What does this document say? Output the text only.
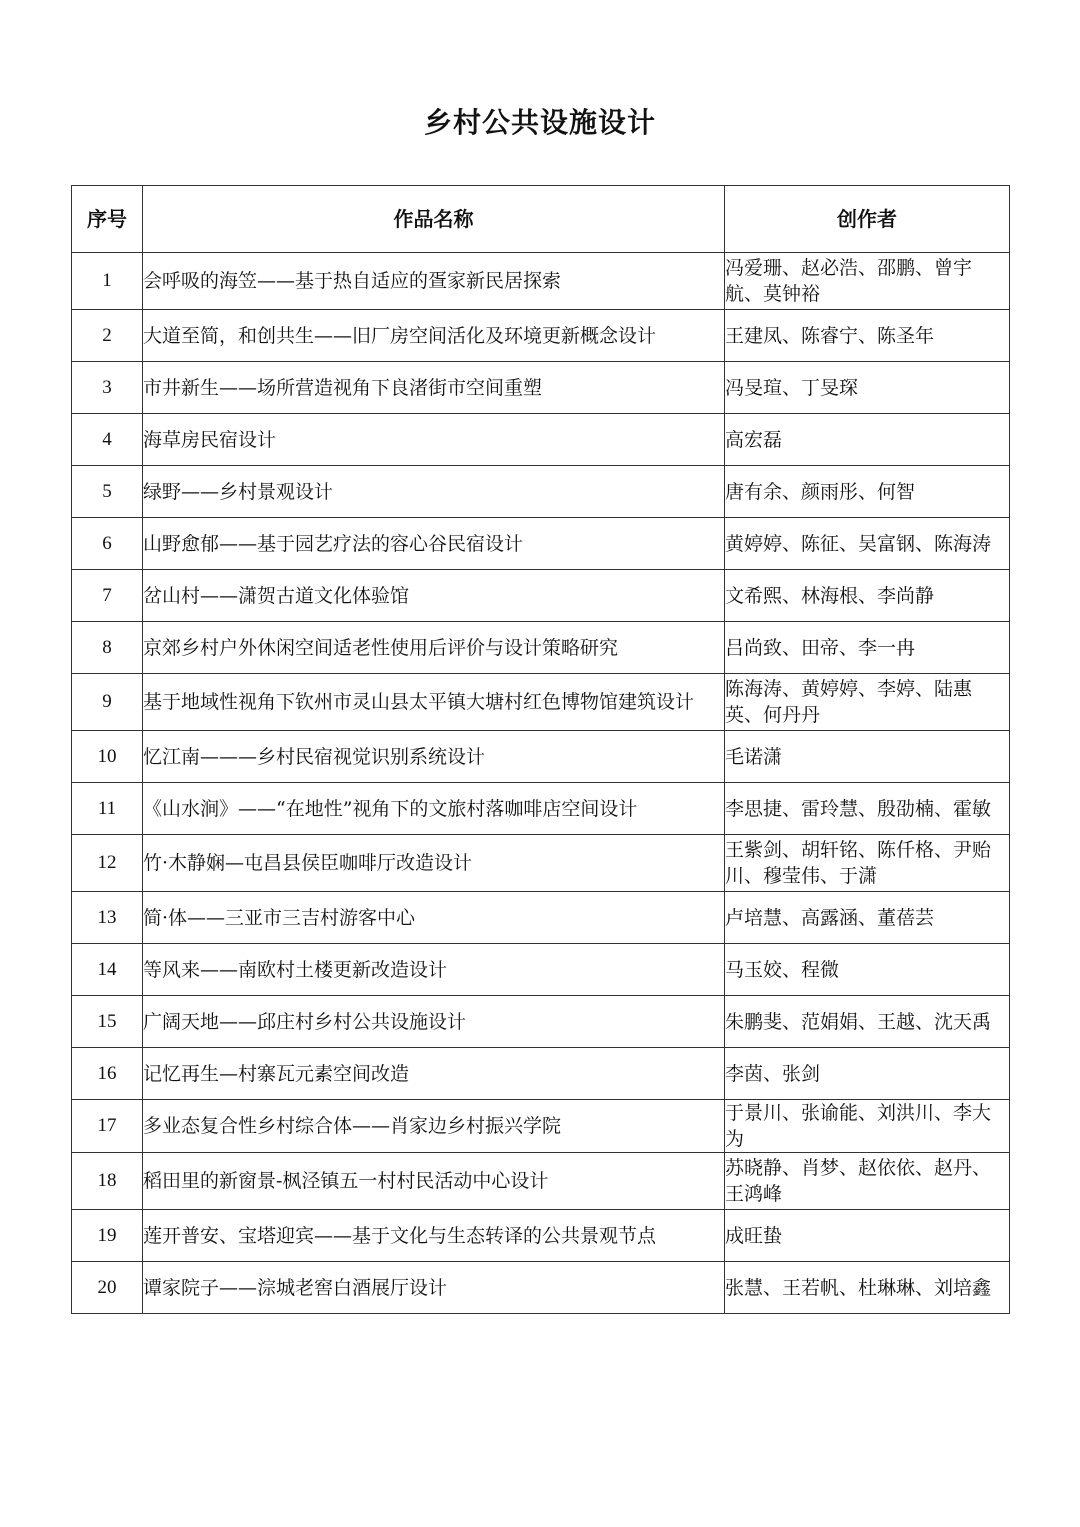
乡村公共设施设计
序号	作品名称	创作者
1	会呼吸的海笠——基于热自适应的疍家新民居探索	冯爱珊、赵必浩、邵鹏、曾宇航、莫钟裕
2	大道至简，和创共生——旧厂房空间活化及环境更新概念设计	王建凤、陈睿宁、陈圣年
3	市井新生——场所营造视角下良渚街市空间重塑	冯旻瑄、丁旻琛
4	海草房民宿设计	高宏磊
5	绿野——乡村景观设计	唐有余、颜雨彤、何智
6	山野愈郁——基于园艺疗法的容心谷民宿设计	黄婷婷、陈征、吴富钢、陈海涛
7	岔山村——潇贺古道文化体验馆	文希熙、林海根、李尚静
8	京郊乡村户外休闲空间适老性使用后评价与设计策略研究	吕尚致、田帝、李一冉
9	基于地域性视角下钦州市灵山县太平镇大塘村红色博物馆建筑设计	陈海涛、黄婷婷、李婷、陆惠英、何丹丹
10	忆江南———乡村民宿视觉识别系统设计	毛诺潇
11	《山水涧》——“在地性”视角下的文旅村落咖啡店空间设计	李思捷、雷玲慧、殷劭楠、霍敏
12	竹·木静娴—屯昌县侯臣咖啡厅改造设计	王紫剑、胡轩铭、陈仟格、尹贻川、穆莹伟、于潇
13	简·体——三亚市三吉村游客中心	卢培慧、高露涵、董蓓芸
14	等风来——南欧村土楼更新改造设计	马玉姣、程微
15	广阔天地——邱庄村乡村公共设施设计	朱鹏斐、范娟娟、王越、沈天禹
16	记忆再生—村寨瓦元素空间改造	李茵、张剑
17	多业态复合性乡村综合体——肖家边乡村振兴学院	于景川、张谕能、刘洪川、李大为
18	稻田里的新窗景-枫泾镇五一村村民活动中心设计	苏晓静、肖梦、赵依依、赵丹、王鸿峰
19	莲开普安、宝塔迎宾——基于文化与生态转译的公共景观节点	成旺蛰
20	谭家院子——淙城老窖白酒展厅设计	张慧、王若帆、杜琳琳、刘培鑫
